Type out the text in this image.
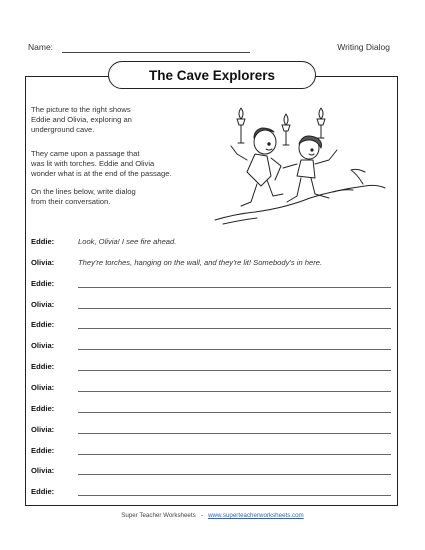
Name:	Writing Dialog
The Cave Explorers
The picture to the right shows
Eddie and Olivia, exploring an
underground cave.
They came upon a passage that
was lit with torches. Eddie and Olivia
wonder what is at the end of the passage.
On the lines below, write dialog
from their conversation.
Eddie:	Look, Olivia! I see fire ahead.
Olivia:	They're torches, hanging on the wall, and they're lit! Somebody's in here.
Eddie:
Olivia:
Eddie:
Olivia:
Eddie:
Olivia:
Eddie:
Olivia:
Eddie:
Olivia:
Eddie:
Super Teacher Worksheets - www.superteacherworksheets.com
